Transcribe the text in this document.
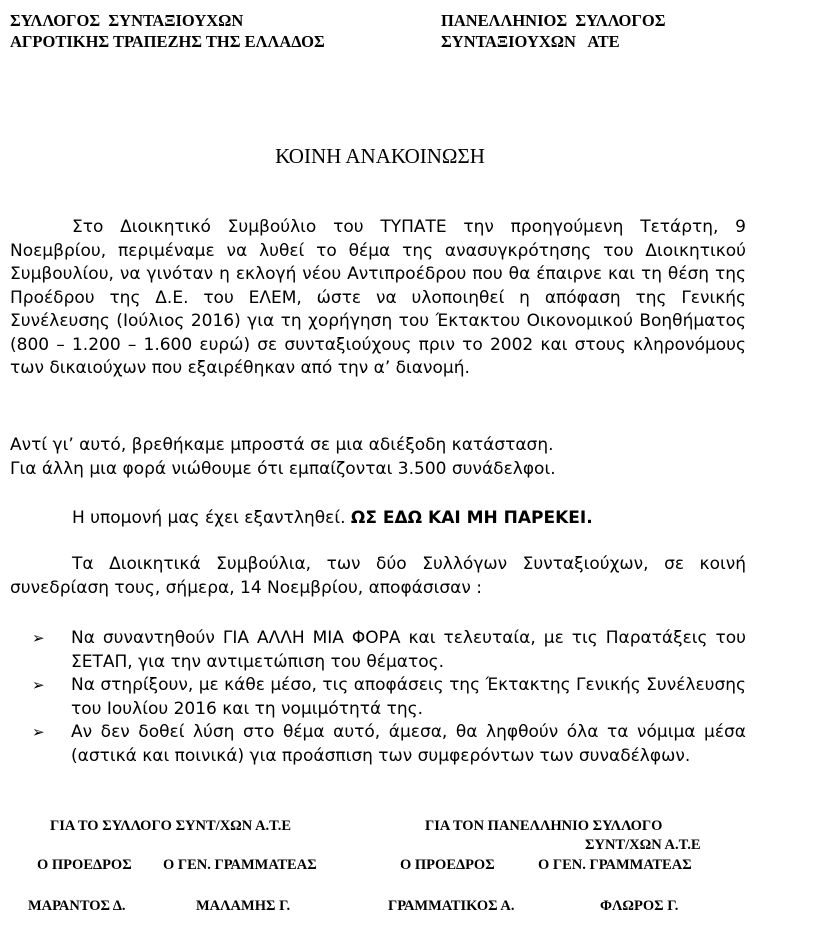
ΣΥΛΛΟΓΟΣ  ΣΥΝΤΑΞΙΟΥΧΩΝ
ΑΓΡΟΤΙΚΗΣ ΤΡΑΠΕΖΗΣ ΤΗΣ ΕΛΛΑΔΟΣ
ΠΑΝΕΛΛΗΝΙΟΣ  ΣΥΛΛΟΓΟΣ
ΣΥΝΤΑΞΙΟΥΧΩΝ   ΑΤΕ
ΚΟΙΝΗ ΑΝΑΚΟΙΝΩΣΗ
Στο Διοικητικό Συμβούλιο του ΤΥΠΑΤΕ την προηγούμενη Τετάρτη, 9 Νοεμβρίου, περιμέναμε να λυθεί το θέμα της ανασυγκρότησης του Διοικητικού Συμβουλίου, να γινόταν η εκλογή νέου Αντιπροέδρου που θα έπαιρνε και τη θέση της Προέδρου της Δ.Ε. του ΕΛΕΜ, ώστε να υλοποιηθεί η απόφαση της Γενικής Συνέλευσης (Ιούλιος 2016) για τη χορήγηση του Έκτακτου Οικονομικού Βοηθήματος (800 – 1.200 – 1.600 ευρώ) σε συνταξιούχους πριν το 2002 και στους κληρονόμους των δικαιούχων που εξαιρέθηκαν από την α’ διανομή.
Αντί γι’ αυτό, βρεθήκαμε μπροστά σε μια αδιέξοδη κατάσταση.
Για άλλη μια φορά νιώθουμε ότι εμπαίζονται 3.500 συνάδελφοι.
Η υπομονή μας έχει εξαντληθεί. ΩΣ ΕΔΩ ΚΑΙ ΜΗ ΠΑΡΕΚΕΙ.
Τα Διοικητικά Συμβούλια, των δύο Συλλόγων Συνταξιούχων, σε κοινή συνεδρίαση τους, σήμερα, 14 Νοεμβρίου, αποφάσισαν :
➢ Να συναντηθούν ΓΙΑ ΑΛΛΗ ΜΙΑ ΦΟΡΑ και τελευταία, με τις Παρατάξεις του ΣΕΤΑΠ, για την αντιμετώπιση του θέματος.
➢ Να στηρίξουν, με κάθε μέσο, τις αποφάσεις της Έκτακτης Γενικής Συνέλευσης του Ιουλίου 2016 και τη νομιμότητά της.
➢ Αν δεν δοθεί λύση στο θέμα αυτό, άμεσα, θα ληφθούν όλα τα νόμιμα μέσα (αστικά και ποινικά) για προάσπιση των συμφερόντων των συναδέλφων.
ΓΙΑ ΤΟ ΣΥΛΛΟΓΟ ΣΥΝΤ/ΧΩΝ Α.Τ.Ε	ΓΙΑ ΤΟΝ ΠΑΝΕΛΛΗΝΙΟ ΣΥΛΛΟΓΟ
ΣΥΝΤ/ΧΩΝ Α.Τ.Ε
Ο ΠΡΟΕΔΡΟΣ Ο ΓΕΝ. ΓΡΑΜΜΑΤΕΑΣ	Ο ΠΡΟΕΔΡΟΣ	Ο ΓΕΝ. ΓΡΑΜΜΑΤΕΑΣ
ΜΑΡΑΝΤΟΣ Δ.	ΜΑΛΑΜΗΣ Γ.	ΓΡΑΜΜΑΤΙΚΟΣ Α.	ΦΛΩΡΟΣ Γ.
